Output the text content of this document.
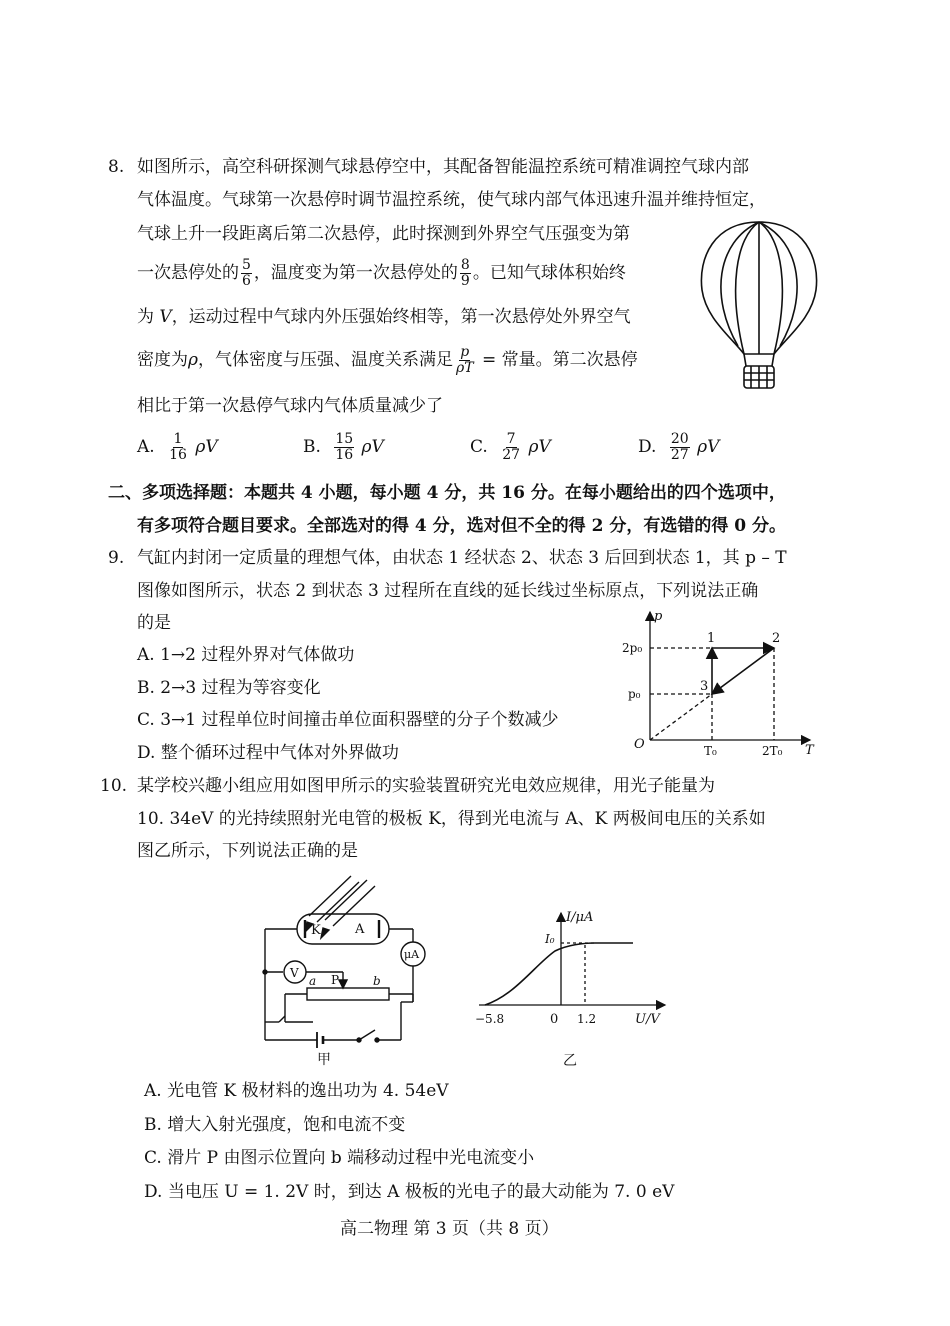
8. 如图所示，高空科研探测气球悬停空中，其配备智能温控系统可精准调控气球内部
气体温度。气球第一次悬停时调节温控系统，使气球内部气体迅速升温并维持恒定，
气球上升一段距离后第二次悬停，此时探测到外界空气压强变为第
一次悬停处的 $\frac{5}{6}$ ，温度变为第一次悬停处的 $\frac{8}{9}$ 。已知气球体积始终
为 V，运动过程中气球内外压强始终相等，第一次悬停处外界空气
密度为ρ，气体密度与压强、温度关系满足 $\frac{p}{\rho T}$ = 常量。第二次悬停
相比于第一次悬停气球内气体质量减少了
A. $\frac{1}{16}$ ρV	B. $\frac{15}{16}$ ρV	C. $\frac{7}{27}$ ρV	D. $\frac{20}{27}$ ρV
二、多项选择题：本题共 4 小题，每小题 4 分，共 16 分。在每小题给出的四个选项中，
有多项符合题目要求。全部选对的得 4 分，选对但不全的得 2 分，有选错的得 0 分。
9. 气缸内封闭一定质量的理想气体，由状态 1 经状态 2、状态 3 后回到状态 1，其 p – T
图像如图所示，状态 2 到状态 3 过程所在直线的延长线过坐标原点，下列说法正确
的是
A. 1→2 过程外界对气体做功
B. 2→3 过程为等容变化
C. 3→1 过程单位时间撞击单位面积器壁的分子个数减少
D. 整个循环过程中气体对外界做功
p
T
O
2p₀
p₀
T₀	2T₀
1	2
3
10. 某学校兴趣小组应用如图甲所示的实验装置研究光电效应规律，用光子能量为
10. 34eV 的光持续照射光电管的极板 K，得到光电流与 A、K 两极间电压的关系如
图乙所示，下列说法正确的是
K	A
μA
V	P
a	b
甲
I/μA
U/V
0
I₀
−5.8	1.2
乙
A. 光电管 K 极材料的逸出功为 4. 54eV
B. 增大入射光强度，饱和电流不变
C. 滑片 P 由图示位置向 b 端移动过程中光电流变小
D. 当电压 U = 1. 2V 时，到达 A 极板的光电子的最大动能为 7. 0 eV
高二物理 第 3 页（共 8 页）
